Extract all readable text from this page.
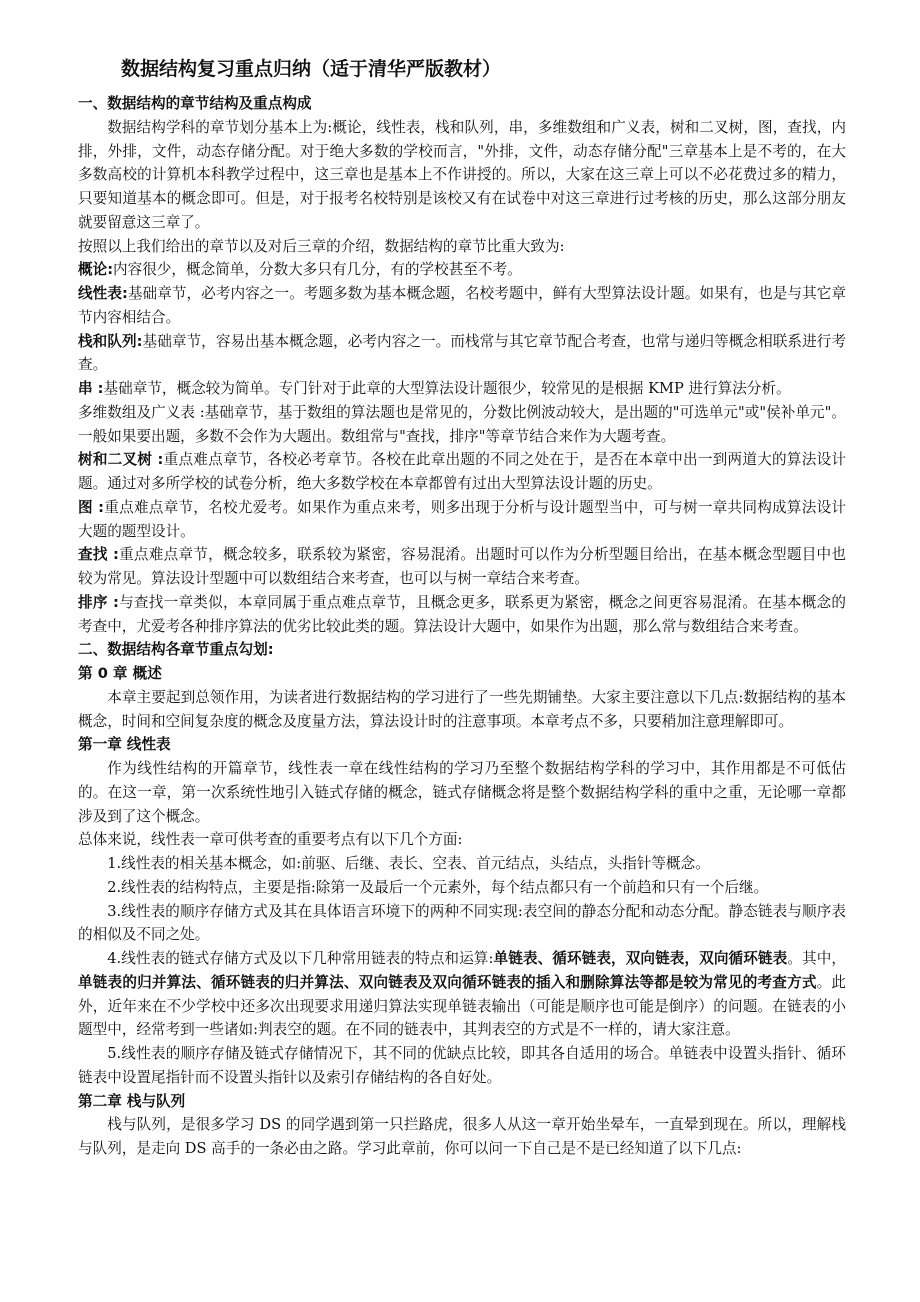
数据结构复习重点归纳（适于清华严版教材）

一、数据结构的章节结构及重点构成

数据结构学科的章节划分基本上为:概论，线性表，栈和队列，串，多维数组和广义表，树和二叉树，图，查找，内排，外排，文件，动态存储分配。对于绝大多数的学校而言，"外排，文件，动态存储分配"三章基本上是不考的，在大多数高校的计算机本科教学过程中，这三章也是基本上不作讲授的。所以，大家在这三章上可以不必花费过多的精力，只要知道基本的概念即可。但是，对于报考名校特别是该校又有在试卷中对这三章进行过考核的历史，那么这部分朋友就要留意这三章了。

按照以上我们给出的章节以及对后三章的介绍，数据结构的章节比重大致为:

概论:内容很少，概念简单，分数大多只有几分，有的学校甚至不考。

线性表:基础章节，必考内容之一。考题多数为基本概念题，名校考题中，鲜有大型算法设计题。如果有，也是与其它章节内容相结合。

栈和队列:基础章节，容易出基本概念题，必考内容之一。而栈常与其它章节配合考查，也常与递归等概念相联系进行考查。

串 :基础章节，概念较为简单。专门针对于此章的大型算法设计题很少，较常见的是根据 KMP 进行算法分析。

多维数组及广义表 :基础章节，基于数组的算法题也是常见的，分数比例波动较大，是出题的"可选单元"或"侯补单元"。一般如果要出题，多数不会作为大题出。数组常与"查找，排序"等章节结合来作为大题考查。

树和二叉树 :重点难点章节，各校必考章节。各校在此章出题的不同之处在于，是否在本章中出一到两道大的算法设计题。通过对多所学校的试卷分析，绝大多数学校在本章都曾有过出大型算法设计题的历史。

图 :重点难点章节，名校尤爱考。如果作为重点来考，则多出现于分析与设计题型当中，可与树一章共同构成算法设计大题的题型设计。

查找 :重点难点章节，概念较多，联系较为紧密，容易混淆。出题时可以作为分析型题目给出，在基本概念型题目中也较为常见。算法设计型题中可以数组结合来考查，也可以与树一章结合来考查。

排序 :与查找一章类似，本章同属于重点难点章节，且概念更多，联系更为紧密，概念之间更容易混淆。在基本概念的考查中，尤爱考各种排序算法的优劣比较此类的题。算法设计大题中，如果作为出题，那么常与数组结合来考查。

二、数据结构各章节重点勾划:

第 0 章 概述

本章主要起到总领作用，为读者进行数据结构的学习进行了一些先期铺垫。大家主要注意以下几点:数据结构的基本概念，时间和空间复杂度的概念及度量方法，算法设计时的注意事项。本章考点不多，只要稍加注意理解即可。

第一章 线性表

作为线性结构的开篇章节，线性表一章在线性结构的学习乃至整个数据结构学科的学习中，其作用都是不可低估的。在这一章，第一次系统性地引入链式存储的概念，链式存储概念将是整个数据结构学科的重中之重，无论哪一章都涉及到了这个概念。

总体来说，线性表一章可供考查的重要考点有以下几个方面:

1.线性表的相关基本概念，如:前驱、后继、表长、空表、首元结点，头结点，头指针等概念。

2.线性表的结构特点，主要是指:除第一及最后一个元素外，每个结点都只有一个前趋和只有一个后继。

3.线性表的顺序存储方式及其在具体语言环境下的两种不同实现:表空间的静态分配和动态分配。静态链表与顺序表的相似及不同之处。

4.线性表的链式存储方式及以下几种常用链表的特点和运算:单链表、循环链表，双向链表，双向循环链表。其中，单链表的归并算法、循环链表的归并算法、双向链表及双向循环链表的插入和删除算法等都是较为常见的考查方式。此外，近年来在不少学校中还多次出现要求用递归算法实现单链表输出（可能是顺序也可能是倒序）的问题。在链表的小题型中，经常考到一些诸如:判表空的题。在不同的链表中，其判表空的方式是不一样的，请大家注意。

5.线性表的顺序存储及链式存储情况下，其不同的优缺点比较，即其各自适用的场合。单链表中设置头指针、循环链表中设置尾指针而不设置头指针以及索引存储结构的各自好处。

第二章 栈与队列

栈与队列，是很多学习 DS 的同学遇到第一只拦路虎，很多人从这一章开始坐晕车，一直晕到现在。所以，理解栈与队列，是走向 DS 高手的一条必由之路。学习此章前，你可以问一下自己是不是已经知道了以下几点:
